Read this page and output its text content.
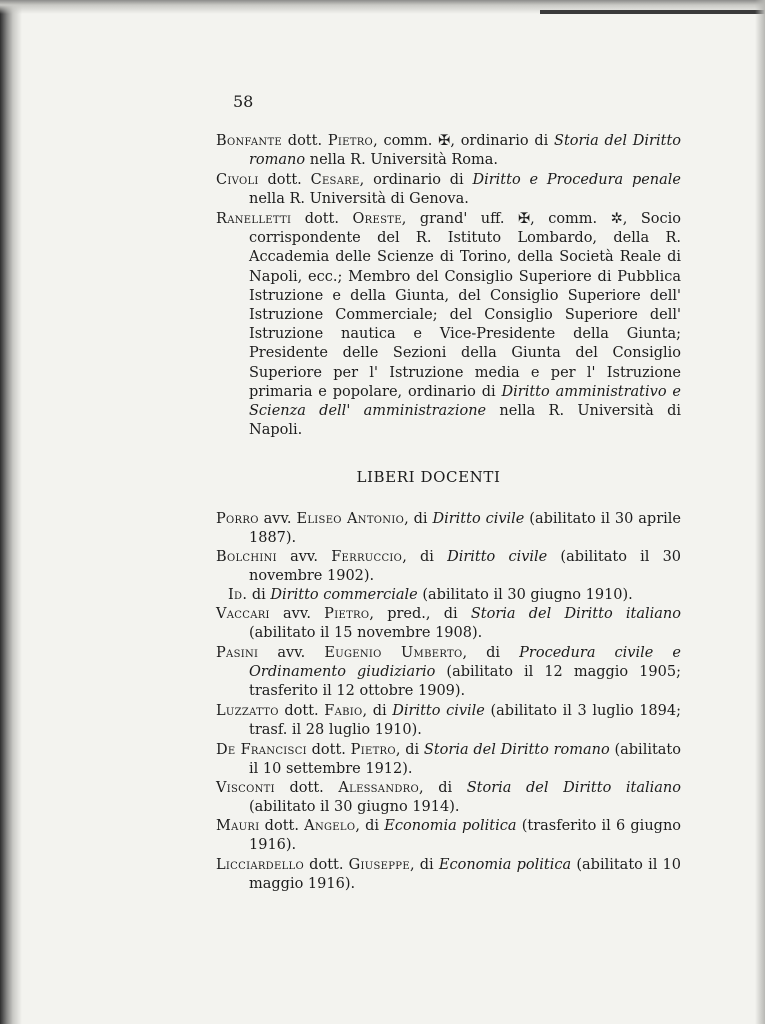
58

Bonfante dott. Pietro, comm. ✠, ordinario di Storia del Diritto romano nella R. Università Roma.

Civoli dott. Cesare, ordinario di Diritto e Procedura penale nella R. Università di Genova.

Ranelletti dott. Oreste, grand' uff. ✠, comm. ✲, Socio corrispondente del R. Istituto Lombardo, della R. Accademia delle Scienze di Torino, della Società Reale di Napoli, ecc.; Membro del Consiglio Superiore di Pubblica Istruzione e della Giunta, del Consiglio Superiore dell' Istruzione Commerciale; del Consiglio Superiore dell' Istruzione nautica e Vice-Presidente della Giunta; Presidente delle Sezioni della Giunta del Consiglio Superiore per l' Istruzione media e per l' Istruzione primaria e popolare, ordinario di Diritto amministrativo e Scienza dell' amministrazione nella R. Università di Napoli.

LIBERI DOCENTI

Porro avv. Eliseo Antonio, di Diritto civile (abilitato il 30 aprile 1887).

Bolchini avv. Ferruccio, di Diritto civile (abilitato il 30 novembre 1902).

Id. di Diritto commerciale (abilitato il 30 giugno 1910).

Vaccari avv. Pietro, pred., di Storia del Diritto italiano (abilitato il 15 novembre 1908).

Pasini avv. Eugenio Umberto, di Procedura civile e Ordinamento giudiziario (abilitato il 12 maggio 1905; trasferito il 12 ottobre 1909).

Luzzatto dott. Fabio, di Diritto civile (abilitato il 3 luglio 1894; trasf. il 28 luglio 1910).

De Francisci dott. Pietro, di Storia del Diritto romano (abilitato il 10 settembre 1912).

Visconti dott. Alessandro, di Storia del Diritto italiano (abilitato il 30 giugno 1914).

Mauri dott. Angelo, di Economia politica (trasferito il 6 giugno 1916).

Licciardello dott. Giuseppe, di Economia politica (abilitato il 10 maggio 1916).
